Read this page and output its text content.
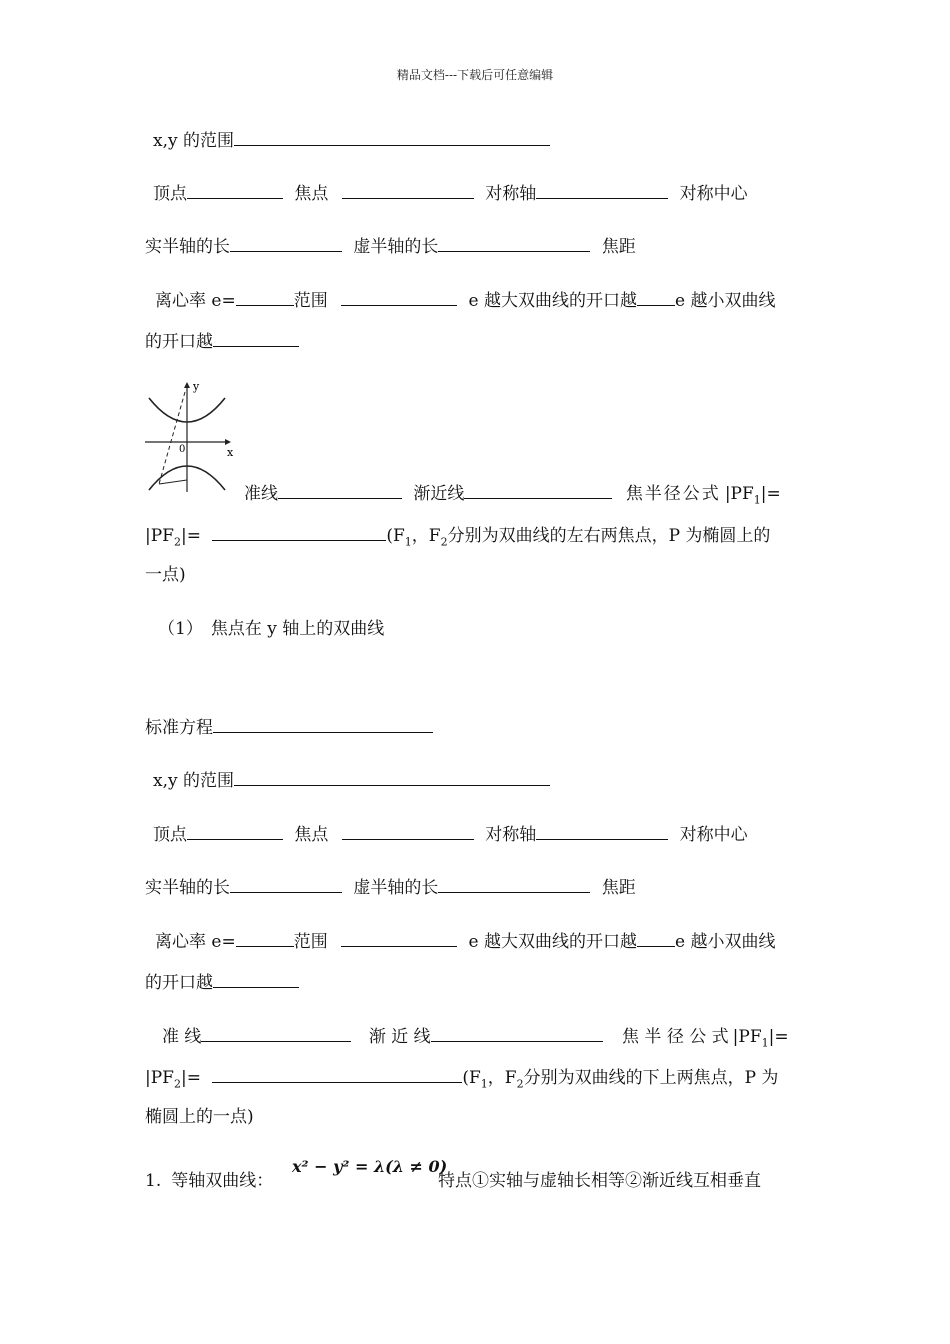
精品文档---下载后可任意编辑
x,y 的范围
顶点	焦点	对称轴	对称中心
实半轴的长	虚半轴的长	焦距
离心率 e=	范围	e 越大双曲线的开口越 e 越小双曲线
的开口越
y
x
0
准线	渐近线	焦半径公式 $|PF_1|=$
$|PF_2|=$	($F_1$，$F_2$分别为双曲线的左右两焦点，P 为椭圆上的
一点)
（1） 焦点在 y 轴上的双曲线
标准方程
x,y 的范围
顶点	焦点	对称轴	对称中心
实半轴的长	虚半轴的长	焦距
离心率 e=	范围	e 越大双曲线的开口越 e 越小双曲线
的开口越
准 线	渐 近 线	焦 半 径 公 式 $|PF_1|=$
$|PF_2|=$	($F_1$，$F_2$分别为双曲线的下上两焦点，P 为
椭圆上的一点)
1. 等轴双曲线：
x² − y² = λ(λ ≠ 0)
特点①实轴与虚轴长相等②渐近线互相垂直
